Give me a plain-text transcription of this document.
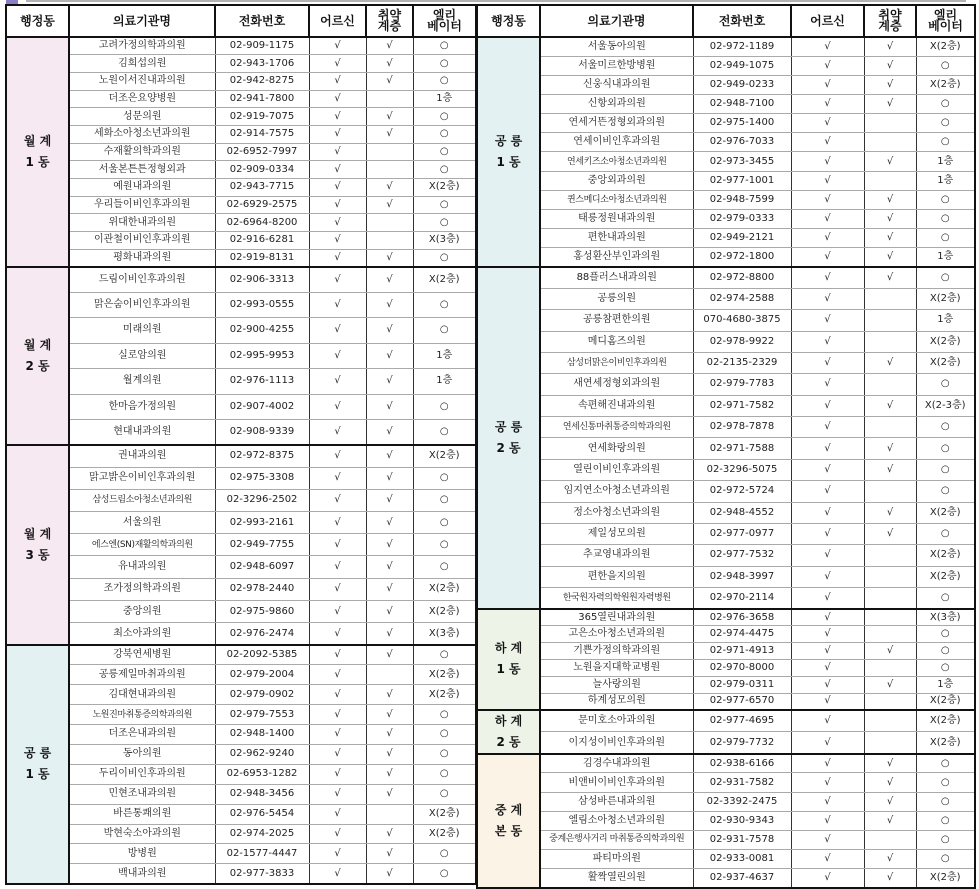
행정동	의료기관명	전화번호	어르신	취약
계층	엘리
베이터

월 계
1 동	고려가정의학과의원	02-909-1175	√	√	○
	김희섭의원	02-943-1706	√	√	○
	노원이서진내과의원	02-942-8275	√	√	○
	더조은요양병원	02-941-7800	√		1층
	성문의원	02-919-7075	√	√	○
	세화소아청소년과의원	02-914-7575	√	√	○
	수재활의학과의원	02-6952-7997	√		○
	서울본튼튼정형외과	02-909-0334	√		○
	예원내과의원	02-943-7715	√	√	X(2층)
	우리들이비인후과의원	02-6929-2575	√	√	○
	위대한내과의원	02-6964-8200	√		○
	이관철이비인후과의원	02-916-6281	√		X(3층)
	평화내과의원	02-919-8131	√	√	○

월 계
2 동	드림이비인후과의원	02-906-3313	√	√	X(2층)
	맑은숨이비인후과의원	02-993-0555	√	√	○
	미래의원	02-900-4255	√	√	○
	실로암의원	02-995-9953	√	√	1층
	월계의원	02-976-1113	√	√	1층
	한마음가정의원	02-907-4002	√	√	○
	현대내과의원	02-908-9339	√	√	○

월 계
3 동	권내과의원	02-972-8375	√	√	X(2층)
	맑고밝은이비인후과의원	02-975-3308	√	√	○
	삼성드림소아청소년과의원	02-3296-2502	√	√	○
	서울의원	02-993-2161	√	√	○
	에스엔(SN)재활의학과의원	02-949-7755	√	√	○
	유내과의원	02-948-6097	√	√	○
	조가정의학과의원	02-978-2440	√	√	X(2층)
	중앙의원	02-975-9860	√	√	X(2층)
	최소아과의원	02-976-2474	√	√	X(3층)

공 릉
1 동	강북연세병원	02-2092-5385	√	√	○
	공릉제일마취과의원	02-979-2004	√		X(2층)
	김대현내과의원	02-979-0902	√	√	X(2층)
	노원진마취통증의학과의원	02-979-7553	√	√	○
	더조은내과의원	02-948-1400	√	√	○
	동아의원	02-962-9240	√	√	○
	두리이비인후과의원	02-6953-1282	√	√	○
	민현조내과의원	02-948-3456	√	√	○
	바른통쾌의원	02-976-5454	√		X(2층)
	박현숙소아과의원	02-974-2025	√	√	X(2층)
	방병원	02-1577-4447	√	√	○
	백내과의원	02-977-3833	√	√	○
행정동	의료기관명	전화번호	어르신	취약
계층	엘리
베이터

공 릉
1 동	서울동아의원	02-972-1189	√	√	X(2층)
	서울미르한방병원	02-949-1075	√	√	○
	신웅식내과의원	02-949-0233	√	√	X(2층)
	신항외과의원	02-948-7100	√	√	○
	연세거뜬정형외과의원	02-975-1400	√		○
	연세이비인후과의원	02-976-7033	√		○
	연세키즈소아청소년과의원	02-973-3455	√	√	1층
	중앙외과의원	02-977-1001	√		1층
	퀸스메디소아청소년과의원	02-948-7599	√	√	○
	태릉정원내과의원	02-979-0333	√	√	○
	편한내과의원	02-949-2121	√	√	○
	홍성환산부인과의원	02-972-1800	√	√	1층

공 릉
2 동	88플러스내과의원	02-972-8800	√	√	○
	공릉의원	02-974-2588	√		X(2층)
	공릉참편한의원	070-4680-3875	√		1층
	메디홈즈의원	02-978-9922	√		X(2층)
	삼성더맑은이비인후과의원	02-2135-2329	√	√	X(2층)
	새연세정형외과의원	02-979-7783	√		○
	속편해진내과의원	02-971-7582	√	√	X(2-3층)
	연세신통마취통증의학과의원	02-978-7878	√		○
	연세화랑의원	02-971-7588	√	√	○
	열린이비인후과의원	02-3296-5075	√	√	○
	임지연소아청소년과의원	02-972-5724	√		○
	정소아청소년과의원	02-948-4552	√	√	X(2층)
	제일성모의원	02-977-0977	√	√	○
	추교영내과의원	02-977-7532	√		X(2층)
	편한을지의원	02-948-3997	√		X(2층)
	한국원자력의학원원자력병원	02-970-2114	√		○

하 계
1 동	365열린내과의원	02-976-3658	√		X(3층)
	고은소아청소년과의원	02-974-4475	√		○
	기쁜가정의학과의원	02-971-4913	√	√	○
	노원을지대학교병원	02-970-8000	√		○
	늘사랑의원	02-979-0311	√	√	1층
	하계성모의원	02-977-6570	√		X(2층)

하 계
2 동	문미호소아과의원	02-977-4695	√		X(2층)
	이지성이비인후과의원	02-979-7732	√		X(2층)

중 계
본 동	김경수내과의원	02-938-6166	√	√	○
	비앤비이비인후과의원	02-931-7582	√	√	○
	삼성바른내과의원	02-3392-2475	√	√	○
	엘림소아청소년과의원	02-930-9343	√	√	○
	중계은행사거리 마취통증의학과의원	02-931-7578	√		○
	파티마의원	02-933-0081	√	√	○
	활짝열린의원	02-937-4637	√	√	X(2층)
